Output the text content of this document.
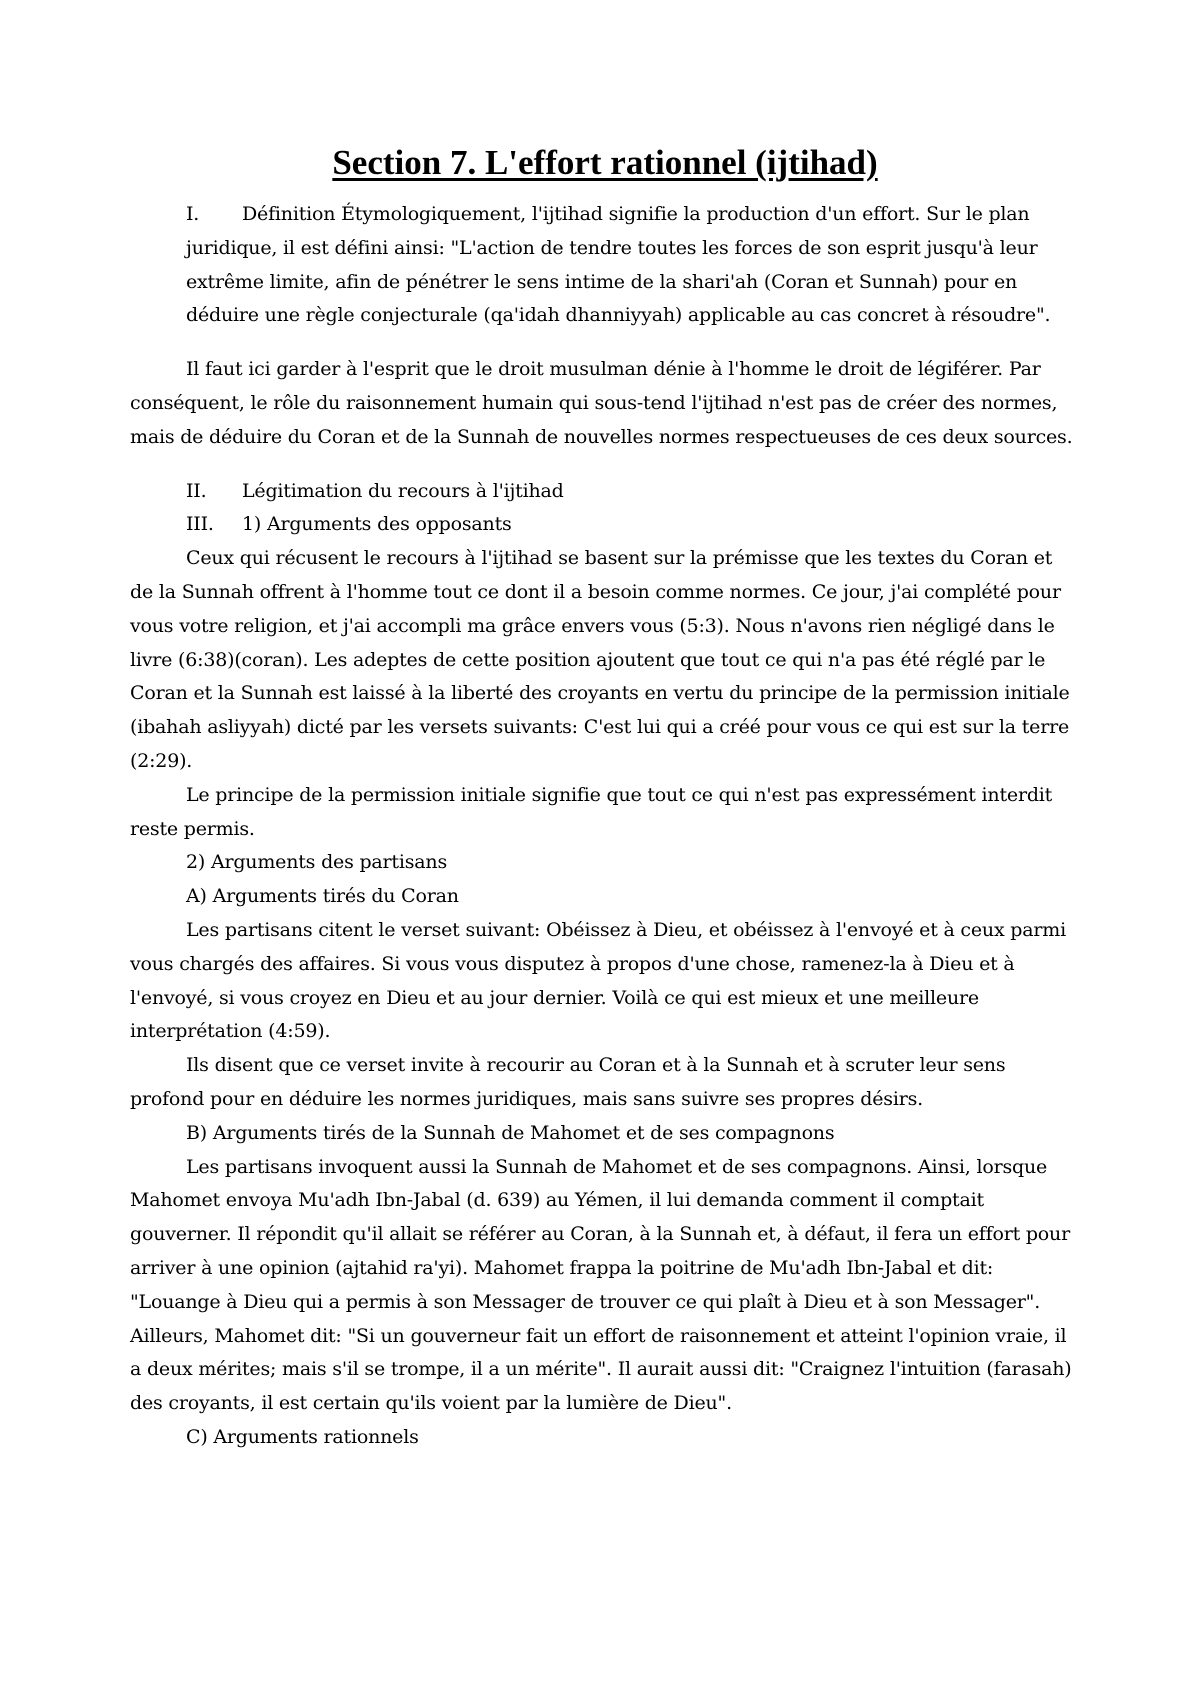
Section 7. L'effort rationnel (ijtihad)

I. Définition Étymologiquement, l'ijtihad signifie la production d'un effort. Sur le plan juridique, il est défini ainsi: "L'action de tendre toutes les forces de son esprit jusqu'à leur extrême limite, afin de pénétrer le sens intime de la shari'ah (Coran et Sunnah) pour en déduire une règle conjecturale (qa'idah dhanniyyah) applicable au cas concret à résoudre".

Il faut ici garder à l'esprit que le droit musulman dénie à l'homme le droit de légiférer. Par conséquent, le rôle du raisonnement humain qui sous-tend l'ijtihad n'est pas de créer des normes, mais de déduire du Coran et de la Sunnah de nouvelles normes respectueuses de ces deux sources.

II. Légitimation du recours à l'ijtihad

III. 1) Arguments des opposants

Ceux qui récusent le recours à l'ijtihad se basent sur la prémisse que les textes du Coran et de la Sunnah offrent à l'homme tout ce dont il a besoin comme normes. Ce jour, j'ai complété pour vous votre religion, et j'ai accompli ma grâce envers vous (5:3). Nous n'avons rien négligé dans le livre (6:38)(coran). Les adeptes de cette position ajoutent que tout ce qui n'a pas été réglé par le Coran et la Sunnah est laissé à la liberté des croyants en vertu du principe de la permission initiale (ibahah asliyyah) dicté par les versets suivants: C'est lui qui a créé pour vous ce qui est sur la terre (2:29).

Le principe de la permission initiale signifie que tout ce qui n'est pas expressément interdit reste permis.

2) Arguments des partisans

A) Arguments tirés du Coran

Les partisans citent le verset suivant: Obéissez à Dieu, et obéissez à l'envoyé et à ceux parmi vous chargés des affaires. Si vous vous disputez à propos d'une chose, ramenez-la à Dieu et à l'envoyé, si vous croyez en Dieu et au jour dernier. Voilà ce qui est mieux et une meilleure interprétation (4:59).

Ils disent que ce verset invite à recourir au Coran et à la Sunnah et à scruter leur sens profond pour en déduire les normes juridiques, mais sans suivre ses propres désirs.

B) Arguments tirés de la Sunnah de Mahomet et de ses compagnons

Les partisans invoquent aussi la Sunnah de Mahomet et de ses compagnons. Ainsi, lorsque Mahomet envoya Mu'adh Ibn-Jabal (d. 639) au Yémen, il lui demanda comment il comptait gouverner. Il répondit qu'il allait se référer au Coran, à la Sunnah et, à défaut, il fera un effort pour arriver à une opinion (ajtahid ra'yi). Mahomet frappa la poitrine de Mu'adh Ibn-Jabal et dit: "Louange à Dieu qui a permis à son Messager de trouver ce qui plaît à Dieu et à son Messager". Ailleurs, Mahomet dit: "Si un gouverneur fait un effort de raisonnement et atteint l'opinion vraie, il a deux mérites; mais s'il se trompe, il a un mérite". Il aurait aussi dit: "Craignez l'intuition (farasah) des croyants, il est certain qu'ils voient par la lumière de Dieu".

C) Arguments rationnels
